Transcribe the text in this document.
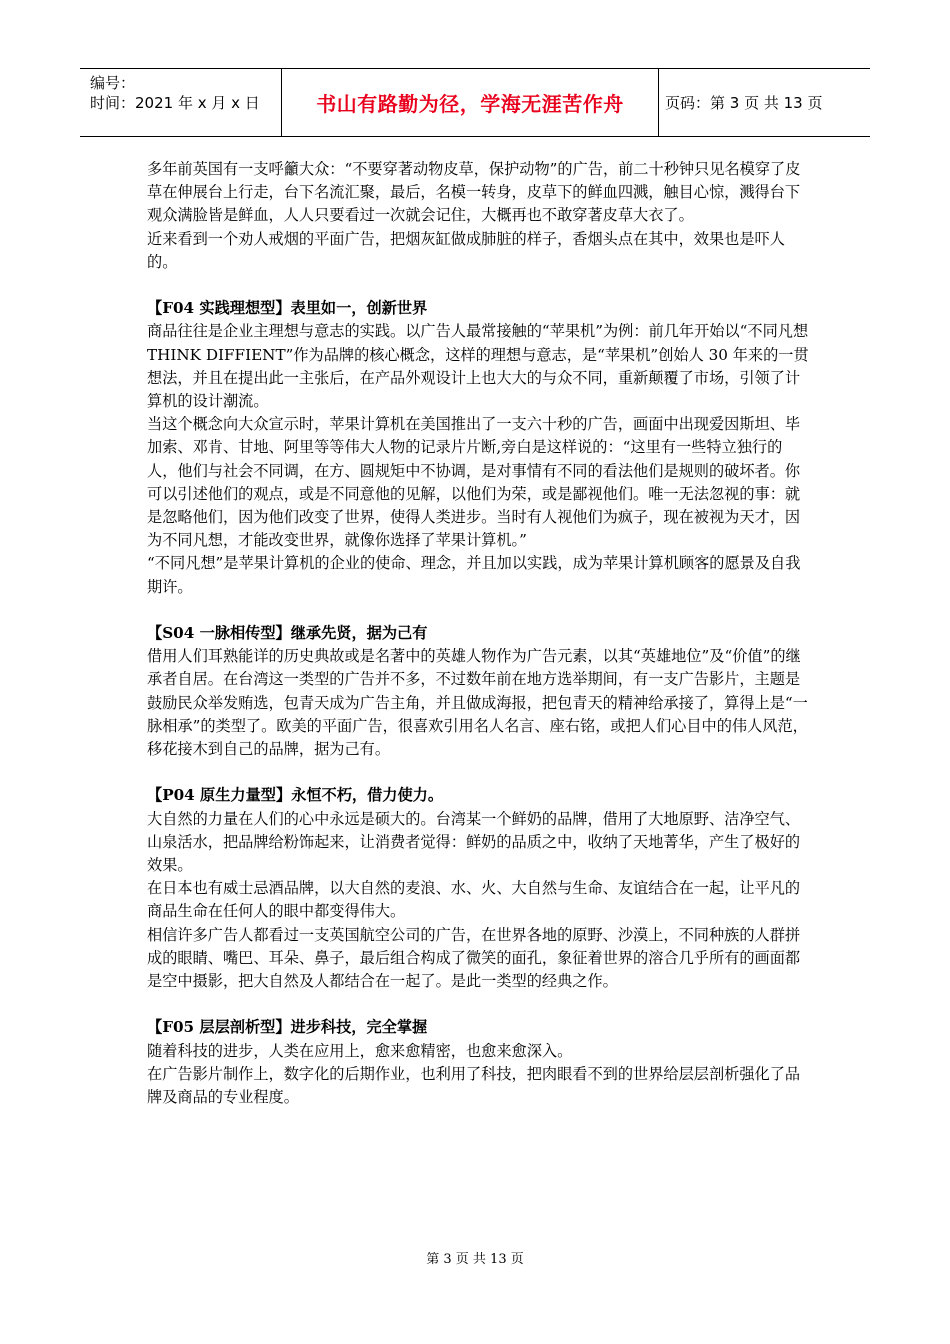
编号：
时间：2021 年 x 月 x 日	书山有路勤为径，学海无涯苦作舟	页码：第 3 页 共 13 页

多年前英国有一支呼籲大众：“不要穿著动物皮草，保护动物”的广告，前二十秒钟只见名模穿了皮草在伸展台上行走，台下名流汇聚，最后，名模一转身，皮草下的鲜血四溅，触目心惊，溅得台下观众满脸皆是鲜血，人人只要看过一次就会记住，大概再也不敢穿著皮草大衣了。

近来看到一个劝人戒烟的平面广告，把烟灰缸做成肺脏的样子，香烟头点在其中，效果也是吓人的。

【F04 实践理想型】表里如一，创新世界

商品往往是企业主理想与意志的实践。以广告人最常接触的“苹果机”为例：前几年开始以“不同凡想 THINK DIFFIENT”作为品牌的核心概念，这样的理想与意志，是“苹果机”创始人 30 年来的一贯想法，并且在提出此一主张后，在产品外观设计上也大大的与众不同，重新颠覆了市场，引领了计算机的设计潮流。

当这个概念向大众宣示时，苹果计算机在美国推出了一支六十秒的广告，画面中出现爱因斯坦、毕加索、邓肯、甘地、阿里等等伟大人物的记录片片断,旁白是这样说的：“这里有一些特立独行的人，他们与社会不同调，在方、圆规矩中不协调，是对事情有不同的看法他们是规则的破坏者。你可以引述他们的观点，或是不同意他的见解，以他们为荣，或是鄙视他们。唯一无法忽视的事：就是忽略他们，因为他们改变了世界，使得人类进步。当时有人视他们为疯子，现在被视为天才，因为不同凡想，才能改变世界，就像你选择了苹果计算机。”

“不同凡想”是苹果计算机的企业的使命、理念，并且加以实践，成为苹果计算机顾客的愿景及自我期许。

【S04 一脉相传型】继承先贤，据为己有

借用人们耳熟能详的历史典故或是名著中的英雄人物作为广告元素，以其“英雄地位”及“价值”的继承者自居。在台湾这一类型的广告并不多，不过数年前在地方选举期间，有一支广告影片，主题是鼓励民众举发贿选，包青天成为广告主角，并且做成海报，把包青天的精神给承接了，算得上是“一脉相承”的类型了。欧美的平面广告，很喜欢引用名人名言、座右铭，或把人们心目中的伟人风范，移花接木到自己的品牌，据为己有。

【P04 原生力量型】永恒不朽，借力使力。

大自然的力量在人们的心中永远是硕大的。台湾某一个鲜奶的品牌，借用了大地原野、洁净空气、山泉活水，把品牌给粉饰起来，让消费者觉得：鲜奶的品质之中，收纳了天地菁华，产生了极好的效果。

在日本也有威士忌酒品牌，以大自然的麦浪、水、火、大自然与生命、友谊结合在一起，让平凡的商品生命在任何人的眼中都变得伟大。

相信许多广告人都看过一支英国航空公司的广告，在世界各地的原野、沙漠上，不同种族的人群拼成的眼睛、嘴巴、耳朵、鼻子，最后组合构成了微笑的面孔，象征着世界的溶合几乎所有的画面都是空中摄影，把大自然及人都结合在一起了。是此一类型的经典之作。

【F05 层层剖析型】进步科技，完全掌握

随着科技的进步，人类在应用上，愈来愈精密，也愈来愈深入。

在广告影片制作上，数字化的后期作业，也利用了科技，把肉眼看不到的世界给层层剖析强化了品牌及商品的专业程度。

第 3 页 共 13 页
